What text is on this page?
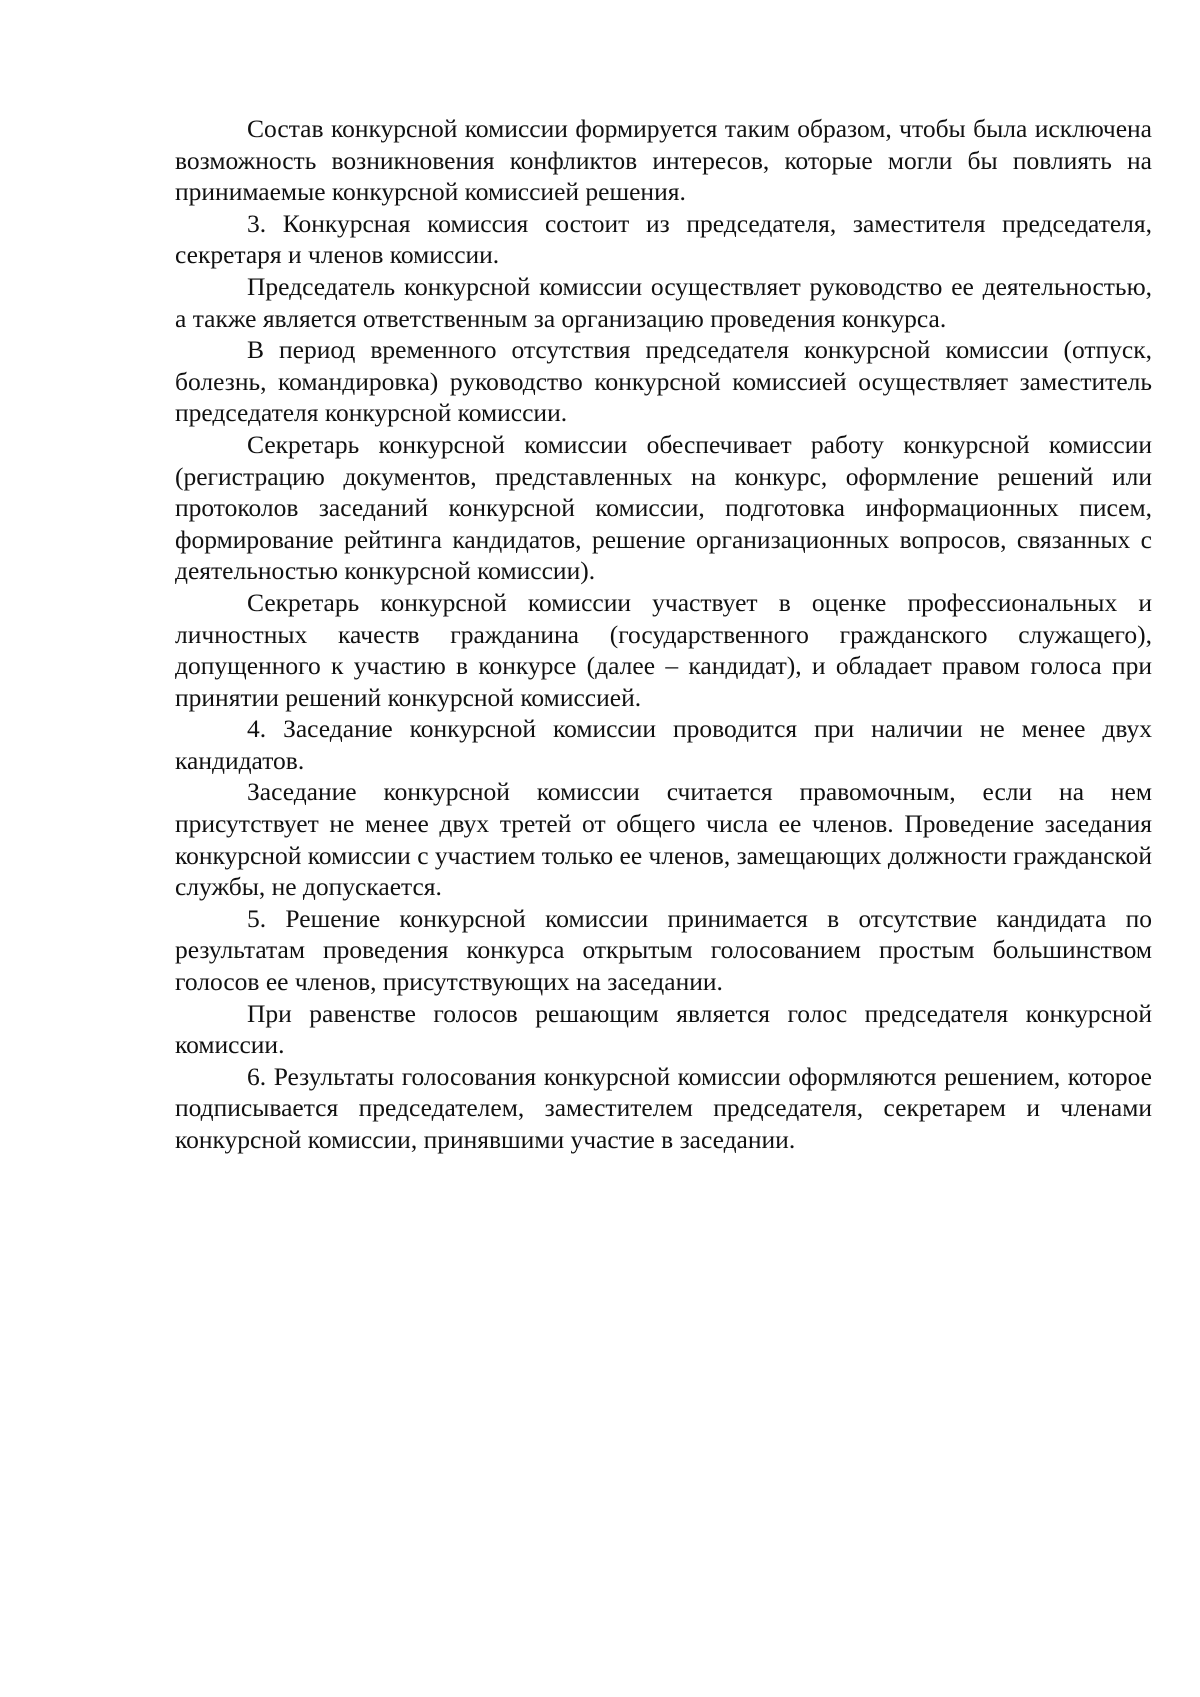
Состав конкурсной комиссии формируется таким образом, чтобы была исключена возможность возникновения конфликтов интересов, которые могли бы повлиять на принимаемые конкурсной комиссией решения.

3. Конкурсная комиссия состоит из председателя, заместителя председателя, секретаря и членов комиссии.

Председатель конкурсной комиссии осуществляет руководство ее деятельностью, а также является ответственным за организацию проведения конкурса.

В период временного отсутствия председателя конкурсной комиссии (отпуск, болезнь, командировка) руководство конкурсной комиссией осуществляет заместитель председателя конкурсной комиссии.

Секретарь конкурсной комиссии обеспечивает работу конкурсной комиссии (регистрацию документов, представленных на конкурс, оформление решений или протоколов заседаний конкурсной комиссии, подготовка информационных писем, формирование рейтинга кандидатов, решение организационных вопросов, связанных с деятельностью конкурсной комиссии).

Секретарь конкурсной комиссии участвует в оценке профессиональных и личностных качеств гражданина (государственного гражданского служащего), допущенного к участию в конкурсе (далее – кандидат), и обладает правом голоса при принятии решений конкурсной комиссией.

4. Заседание конкурсной комиссии проводится при наличии не менее двух кандидатов.

Заседание конкурсной комиссии считается правомочным, если на нем присутствует не менее двух третей от общего числа ее членов. Проведение заседания конкурсной комиссии с участием только ее членов, замещающих должности гражданской службы, не допускается.

5. Решение конкурсной комиссии принимается в отсутствие кандидата по результатам проведения конкурса открытым голосованием простым большинством голосов ее членов, присутствующих на заседании.

При равенстве голосов решающим является голос председателя конкурсной комиссии.

6. Результаты голосования конкурсной комиссии оформляются решением, которое подписывается председателем, заместителем председателя, секретарем и членами конкурсной комиссии, принявшими участие в заседании.
